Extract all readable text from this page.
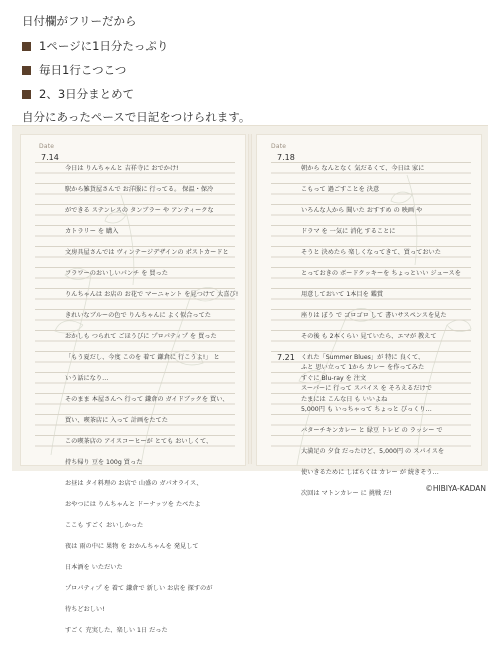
日付欄がフリーだから
1ページに1日分たっぷり
毎日1行こつこつ
2、3日分まとめて
自分にあったペースで日記をつけられます。
Date
7.14

今日は りんちゃんと 吉祥寺に おでかけ!

駅から雑貨屋さんで お洋服に 行ってる。 保温・保冷

ができる ステンレスの タンブラー や アンティークな

カトラリー を 購入

文房具屋さんでは ヴィンテージデザインの ポストカードと

フラワーのおいしいパンチ を 買った

りんちゃんは お店の お花で マーニャント を見つけて 大喜び!

きれいなブルーの色で りんちゃんに よく似合ってた

おかしも つられて ごほうびに プロパティプ を 買った

「もう夏だし、今度 このを 着て 鎌倉に 行こうよ!」 と

いう話になり…

そのまま 本屋さんへ 行って 鎌倉の ガイドブックを 買い、

買い、喫茶店に 入って 計画をたてた

この喫茶店の アイスコーヒーが とても おいしくて、

持ち帰り 豆を 100g 買った

お昼は タイ料理の お店で 山盛の ガパオライス、

おやつには りんちゃんと ドーナッツを たべたよ

ここも すごく おいしかった

夜は 雨の中に 果物 を おかんちゃんを 発見して

日本酒を いただいた

プロパティプ を 着て 鎌倉で 新しい お店を 探すのが

待ちどおしい!

すごく 充実した、楽しい 1日 だった

Date
7.18

朝から なんとなく 気だるくて、今日は 家に

こもって 過ごすことを 決意

いろんな人から 聞いた おすすめ の 映画 や

ドラマ を 一気に 消化 することに

そうと 決めたら 楽しくなってきて、買っておいた

とっておきの ボードクッキーを ちょっといい ジュースを

用意しておいて 1本目を 鑑賞

座りは ぼう で ゴロゴロ して 書いサスペンスを見た

その後 も 2本くらい 見ていたら、エマが 教えて

くれた「Summer Blues」が 特に 良くて、

すぐに Blu-ray を 注文

たまには こんな日 も いいよね

7.21

ふと 思い立って 1から カレー を作ってみた

スーパーに 行って スパイス を そろえるだけで

5,000円 も いっちゃって ちょっと びっくり…

バターチキンカレー と 緑豆 トレビ の ラッシー で

大満足の 夕食 だったけど、5,000円 の スパイスを

使いきるために しばらくは カレー が 続きそう…

次回は マトンカレー に 挑戦 だ!

©HIBIYA-KADAN
